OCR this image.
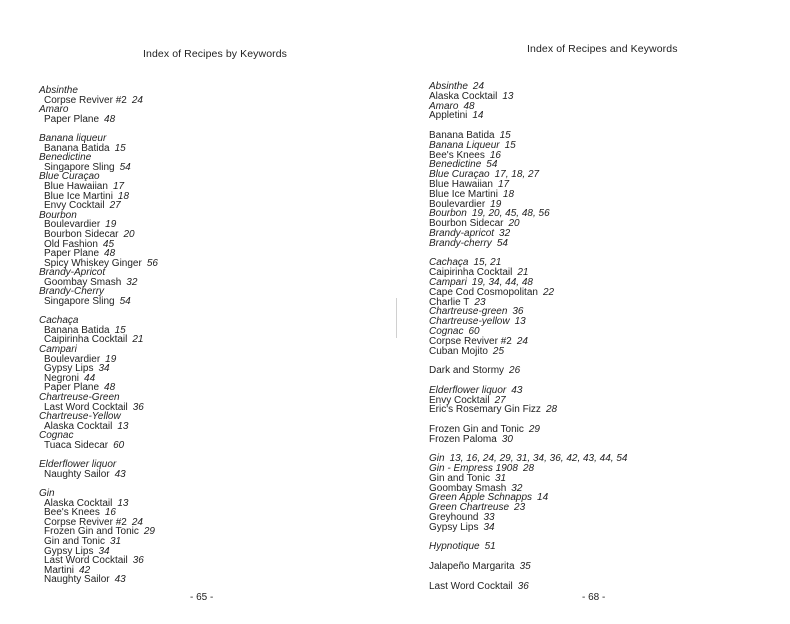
Index of Recipes by Keywords
Absinthe
Corpse Reviver #2 24
Amaro
Paper Plane 48
Banana liqueur
Banana Batida 15
Benedictine
Singapore Sling 54
Blue Curaçao
Blue Hawaiian 17
Blue Ice Martini 18
Envy Cocktail 27
Bourbon
Boulevardier 19
Bourbon Sidecar 20
Old Fashion 45
Paper Plane 48
Spicy Whiskey Ginger 56
Brandy-Apricot
Goombay Smash 32
Brandy-Cherry
Singapore Sling 54
Cachaça
Banana Batida 15
Caipirinha Cocktail 21
Campari
Boulevardier 19
Gypsy Lips 34
Negroni 44
Paper Plane 48
Chartreuse-Green
Last Word Cocktail 36
Chartreuse-Yellow
Alaska Cocktail 13
Cognac
Tuaca Sidecar 60
Elderflower liquor
Naughty Sailor 43
Gin
Alaska Cocktail 13
Bee's Knees 16
Corpse Reviver #2 24
Frozen Gin and Tonic 29
Gin and Tonic 31
Gypsy Lips 34
Last Word Cocktail 36
Martini 42
Naughty Sailor 43
- 65 -
Index of Recipes and Keywords
Absinthe 24
Alaska Cocktail 13
Amaro 48
Appletini 14
Banana Batida 15
Banana Liqueur 15
Bee's Knees 16
Benedictine 54
Blue Curaçao 17, 18, 27
Blue Hawaiian 17
Blue Ice Martini 18
Boulevardier 19
Bourbon 19, 20, 45, 48, 56
Bourbon Sidecar 20
Brandy-apricot 32
Brandy-cherry 54
Cachaça 15, 21
Caipirinha Cocktail 21
Campari 19, 34, 44, 48
Cape Cod Cosmopolitan 22
Charlie T 23
Chartreuse-green 36
Chartreuse-yellow 13
Cognac 60
Corpse Reviver #2 24
Cuban Mojito 25
Dark and Stormy 26
Elderflower liquor 43
Envy Cocktail 27
Eric's Rosemary Gin Fizz 28
Frozen Gin and Tonic 29
Frozen Paloma 30
Gin 13, 16, 24, 29, 31, 34, 36, 42, 43, 44, 54
Gin - Empress 1908 28
Gin and Tonic 31
Goombay Smash 32
Green Apple Schnapps 14
Green Chartreuse 23
Greyhound 33
Gypsy Lips 34
Hypnotique 51
Jalapeño Margarita 35
Last Word Cocktail 36
- 68 -
